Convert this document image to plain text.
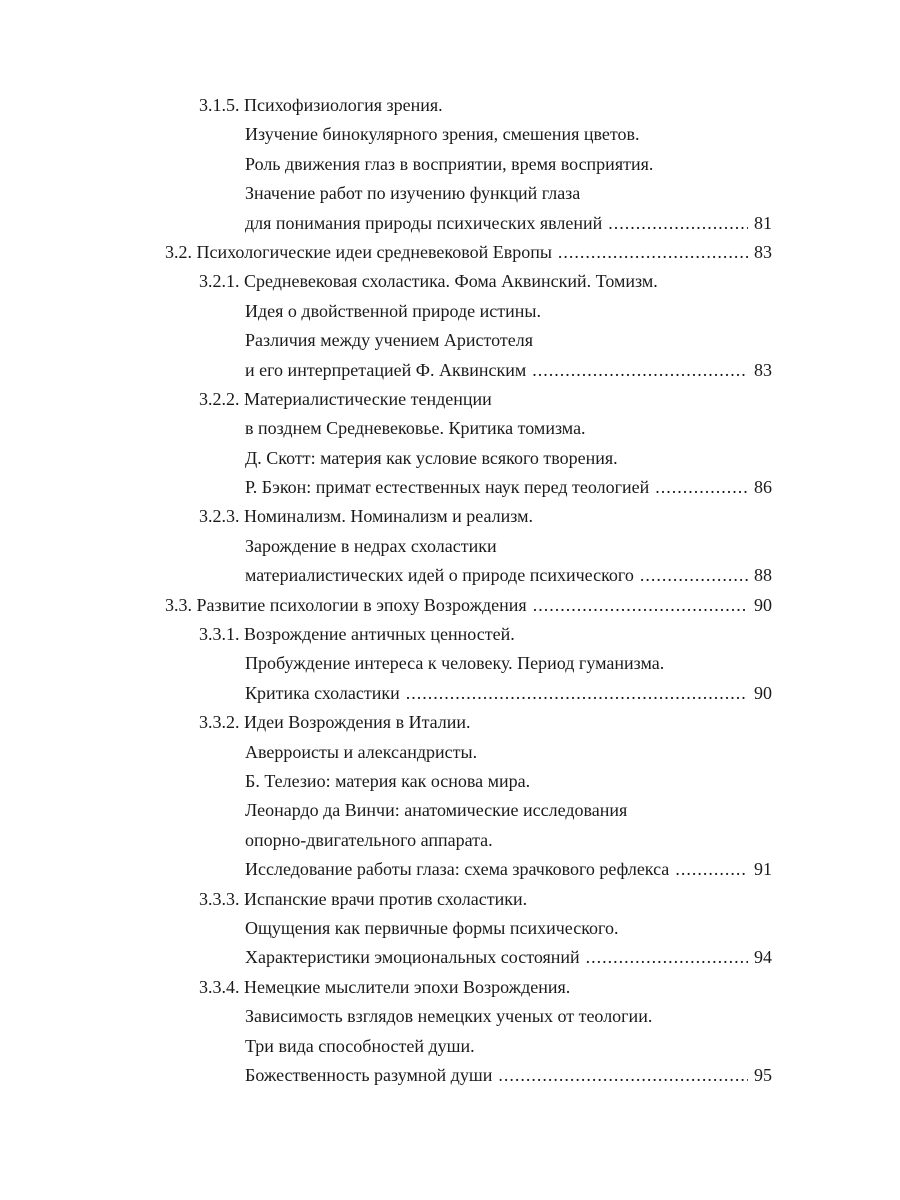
3.1.5. Психофизиология зрения.
Изучение бинокулярного зрения, смешения цветов.
Роль движения глаз в восприятии, время восприятия.
Значение работ по изучению функций глаза
для понимания природы психических явлений .....	81
3.2. Психологические идеи средневековой Европы .....	83
3.2.1. Средневековая схоластика. Фома Аквинский. Томизм.
Идея о двойственной природе истины.
Различия между учением Аристотеля
и его интерпретацией Ф. Аквинским .....	83
3.2.2. Материалистические тенденции
в позднем Средневековье. Критика томизма.
Д. Скотт: материя как условие всякого творения.
Р. Бэкон: примат естественных наук перед теологией .....	86
3.2.3. Номинализм. Номинализм и реализм.
Зарождение в недрах схоластики
материалистических идей о природе психического .....	88
3.3. Развитие психологии в эпоху Возрождения .....	90
3.3.1. Возрождение античных ценностей.
Пробуждение интереса к человеку. Период гуманизма.
Критика схоластики .....	90
3.3.2. Идеи Возрождения в Италии.
Аверроисты и александристы.
Б. Телезио: материя как основа мира.
Леонардо да Винчи: анатомические исследования
опорно-двигательного аппарата.
Исследование работы глаза: схема зрачкового рефлекса .....	91
3.3.3. Испанские врачи против схоластики.
Ощущения как первичные формы психического.
Характеристики эмоциональных состояний .....	94
3.3.4. Немецкие мыслители эпохи Возрождения.
Зависимость взглядов немецких ученых от теологии.
Три вида способностей души.
Божественность разумной души .....	95
